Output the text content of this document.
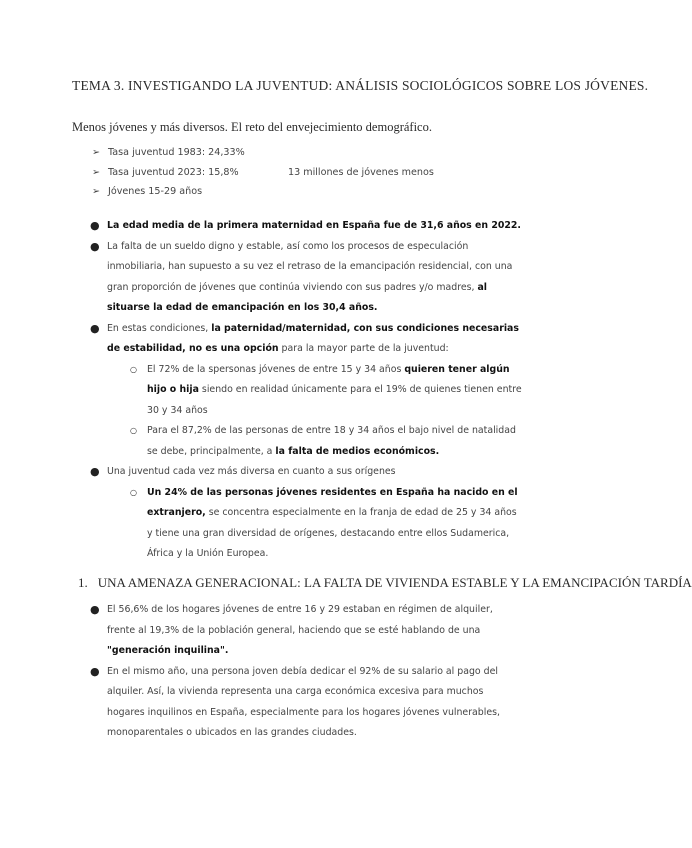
TEMA 3. INVESTIGANDO LA JUVENTUD: ANÁLISIS SOCIOLÓGICOS SOBRE LOS JÓVENES.
Menos jóvenes y más diversos. El reto del envejecimiento demográfico.
➢ Tasa juventud 1983: 24,33%
➢ Tasa juventud 2023: 15,8%	13 millones de jóvenes menos
➢ Jóvenes 15-29 años
● La edad media de la primera maternidad en España fue de 31,6 años en 2022.
● La falta de un sueldo digno y estable, así como los procesos de especulación inmobiliaria, han supuesto a su vez el retraso de la emancipación residencial, con una gran proporción de jóvenes que continúa viviendo con sus padres y/o madres, al situarse la edad de emancipación en los 30,4 años.
● En estas condiciones, la paternidad/maternidad, con sus condiciones necesarias de estabilidad, no es una opción para la mayor parte de la juventud:
○ El 72% de la spersonas jóvenes de entre 15 y 34 años quieren tener algún hijo o hija siendo en realidad únicamente para el 19% de quienes tienen entre 30 y 34 años
○ Para el 87,2% de las personas de entre 18 y 34 años el bajo nivel de natalidad se debe, principalmente, a la falta de medios económicos.
● Una juventud cada vez más diversa en cuanto a sus orígenes
○ Un 24% de las personas jóvenes residentes en España ha nacido en el extranjero, se concentra especialmente en la franja de edad de 25 y 34 años y tiene una gran diversidad de orígenes, destacando entre ellos Sudamerica, África y la Unión Europea.
1. UNA AMENAZA GENERACIONAL: LA FALTA DE VIVIENDA ESTABLE Y LA EMANCIPACIÓN TARDÍA
● El 56,6% de los hogares jóvenes de entre 16 y 29 estaban en régimen de alquiler, frente al 19,3% de la población general, haciendo que se esté hablando de una "generación inquilina".
● En el mismo año, una persona joven debía dedicar el 92% de su salario al pago del alquiler. Así, la vivienda representa una carga económica excesiva para muchos hogares inquilinos en España, especialmente para los hogares jóvenes vulnerables, monoparentales o ubicados en las grandes ciudades.
